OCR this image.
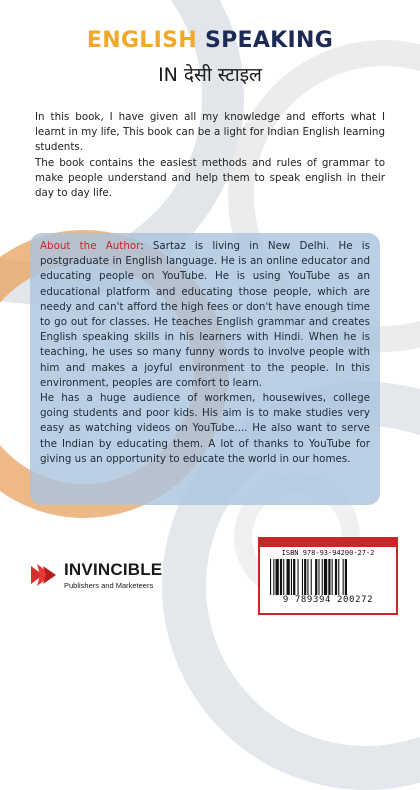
ENGLISH SPEAKING
IN देसी स्टाइल

In this book, I have given all my knowledge and efforts what I learnt in my life, This book can be a light for Indian English learning students.

The book contains the easiest methods and rules of grammar to make people understand and help them to speak english in their day to day life.

About the Author: Sartaz is living in New Delhi. He is postgraduate in English language. He is an online educator and educating people on YouTube. He is using YouTube as an educational platform and educating those people, which are needy and can't afford the high fees or don't have enough time to go out for classes. He teaches English grammar and creates English speaking skills in his learners with Hindi. When he is teaching, he uses so many funny words to involve people with him and makes a joyful environment to the people. In this environment, peoples are comfort to learn.

He has a huge audience of workmen, housewives, college going students and poor kids. His aim is to make studies very easy as watching videos on YouTube.... He also want to serve the Indian by educating them. A lot of thanks to YouTube for giving us an opportunity to educate the world in our homes.

INVINCIBLE
Publishers and Marketeers
ISBN 978-93-94200-27-2
9 789394 200272
